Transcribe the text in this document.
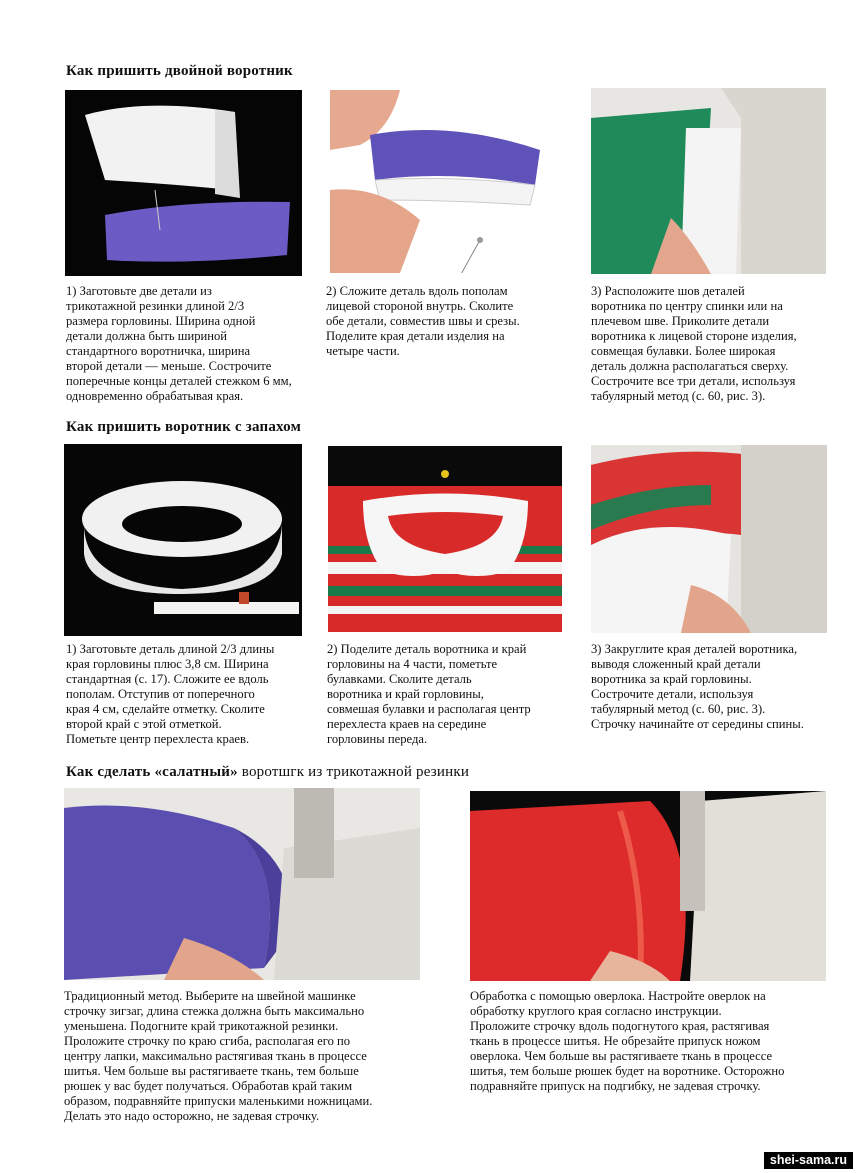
Как пришить двойной воротник
1) Заготовьте две детали из
трикотажной резинки длиной 2/3
размера горловины. Ширина одной
детали должна быть шириной
стандартного воротничка, ширина
второй детали — меньше. Сострочите
поперечные концы деталей стежком 6 мм,
одновременно обрабатывая края.
2) Сложите деталь вдоль пополам
лицевой стороной внутрь. Сколите
обе детали, совместив швы и срезы.
Поделите края детали изделия на
четыре части.
3) Расположите шов деталей
воротника по центру спинки или на
плечевом шве. Приколите детали
воротника к лицевой стороне изделия,
совмещая булавки. Более широкая
деталь должна располагаться сверху.
Сострочите все три детали, используя
табулярный метод (с. 60, рис. 3).
Как пришить воротник с запахом
1) Заготовьте деталь длиной 2/3 длины
края горловины плюс 3,8 см. Ширина
стандартная (с. 17). Сложите ее вдоль
пополам. Отступив от поперечного
края 4 см, сделайте отметку. Сколите
второй край с этой отметкой.
Пометьте центр перехлеста краев.
2) Поделите деталь воротника и край
горловины на 4 части, пометьте
булавками. Сколите деталь
воротника и край горловины,
совмешая булавки и располагая центр
перехлеста краев на середине
горловины переда.
3) Закруглите края деталей воротника,
выводя сложенный край детали
воротника за край горловины.
Сострочите детали, используя
табулярный метод (с. 60, рис. 3).
Строчку начинайте от середины спины.
Как сделать «салатный» воротшгк из трикотажной резинки
Традиционный метод. Выберите на швейной машинке
строчку зигзаг, длина стежка должна быть максимально
уменьшена. Подогните край трикотажной резинки.
Проложите строчку по краю сгиба, располагая его по
центру лапки, максимально растягивая ткань в процессе
шитья. Чем больше вы растягиваете ткань, тем больше
рюшек у вас будет получаться. Обработав край таким
образом, подравняйте припуски маленькими ножницами.
Делать это надо осторожно, не задевая строчку.
Обработка с помощью оверлока. Настройте оверлок на
обработку круглого края согласно инструкции.
Проложите строчку вдоль подогнутого края, растягивая
ткань в процессе шитья. Не обрезайте припуск ножом
оверлока. Чем больше вы растягиваете ткань в процессе
шитья, тем больше рюшек будет на воротнике. Осторожно
подравняйте припуск на подгибку, не задевая строчку.
shei-sama.ru
